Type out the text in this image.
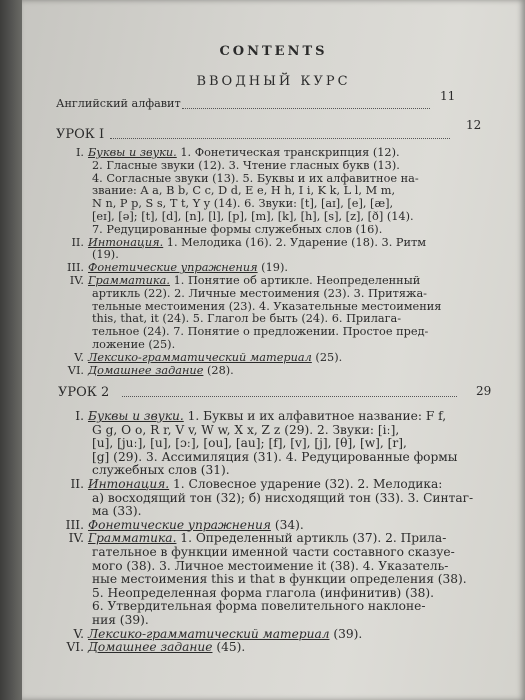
CONTENTS
ВВОДНЫЙ КУРС
Английский алфавит
11
УРОК I
12
I. Буквы и звуки. 1. Фонетическая транскрипция (12).
2. Гласные звуки (12). 3. Чтение гласных букв (13).
4. Согласные звуки (13). 5. Буквы и их алфавитное на-
звание: A a, B b, C c, D d, E e, H h, I i, K k, L l, M m,
N n, P p, S s, T t, Y y (14). 6. Звуки: [t], [aɪ], [e], [æ],
[eɪ], [ə]; [t], [d], [n], [l], [p], [m], [k], [h], [s], [z], [ð] (14).
7. Редуцированные формы служебных слов (16).
II. Интонация. 1. Мелодика (16). 2. Ударение (18). 3. Ритм
(19).
III. Фонетические упражнения (19).
IV. Грамматика. 1. Понятие об артикле. Неопределенный
артикль (22). 2. Личные местоимения (23). 3. Притяжа-
тельные местоимения (23). 4. Указательные местоимения
this, that, it (24). 5. Глагол be быть (24). 6. Прилага-
тельное (24). 7. Понятие о предложении. Простое пред-
ложение (25).
V. Лексико-грамматический материал (25).
VI. Домашнее задание (28).
УРОК 2	29
I. Буквы и звуки. 1. Буквы и их алфавитное название: F f,
G g, O o, R r, V v, W w, X x, Z z (29). 2. Звуки: [iː],
[u], [juː], [u], [ɔː], [ou], [au]; [f], [v], [j], [θ], [w], [r],
[g] (29). 3. Ассимиляция (31). 4. Редуцированные формы
служебных слов (31).
II. Интонация. 1. Словесное ударение (32). 2. Мелодика:
а) восходящий тон (32); б) нисходящий тон (33). 3. Синтаг-
ма (33).
III. Фонетические упражнения (34).
IV. Грамматика. 1. Определенный артикль (37). 2. Прила-
гательное в функции именной части составного сказуе-
мого (38). 3. Личное местоимение it (38). 4. Указатель-
ные местоимения this и that в функции определения (38).
5. Неопределенная форма глагола (инфинитив) (38).
6. Утвердительная форма повелительного наклоне-
ния (39).
V. Лексико-грамматический материал (39).
VI. Домашнее задание (45).
